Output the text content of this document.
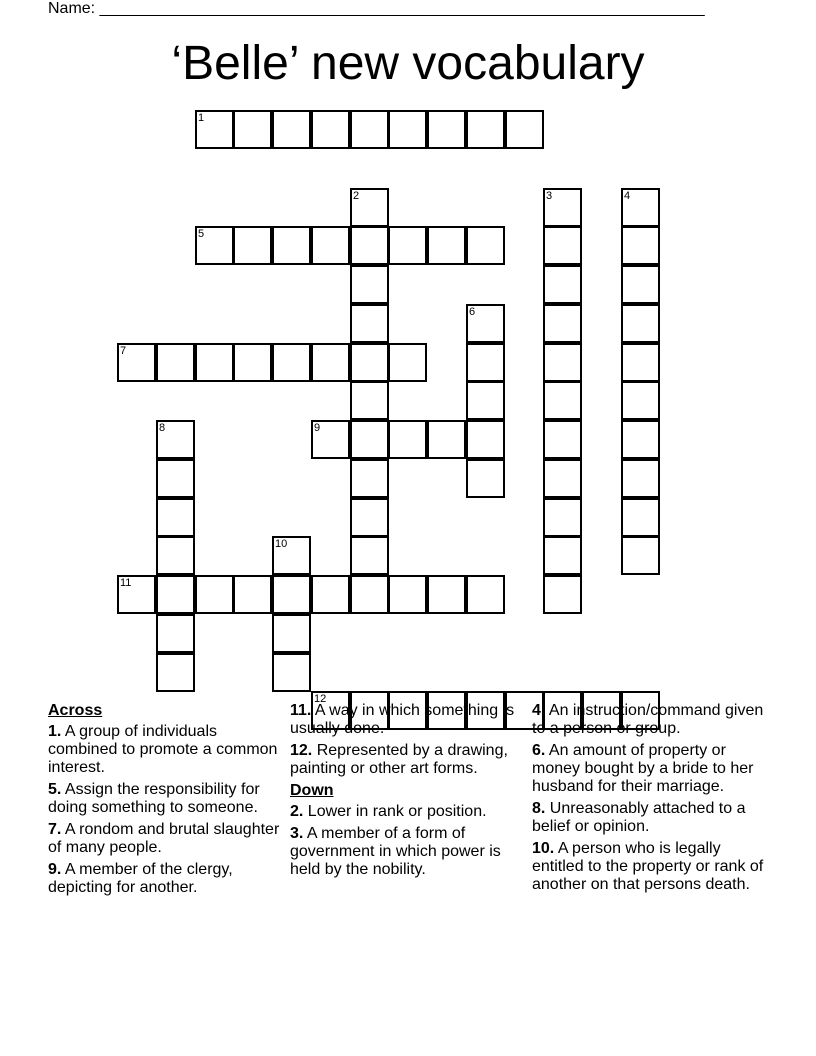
Name: ____________________________________________________________________
‘Belle’ new vocabulary
1
2	3	4
5
6
7
8	9
10
11
12
Across
1. A group of individuals combined to promote a common interest.
5. Assign the responsibility for doing something to someone.
7. A rondom and brutal slaughter of many people.
9. A member of the clergy, depicting for another.
11. A way in which something is usually done.
12. Represented by a drawing, painting or other art forms.
Down
2. Lower in rank or position.
3. A member of a form of government in which power is held by the nobility.
4. An instruction/command given to a person or group.
6. An amount of property or money bought by a bride to her husband for their marriage.
8. Unreasonably attached to a belief or opinion.
10. A person who is legally entitled to the property or rank of another on that persons death.
